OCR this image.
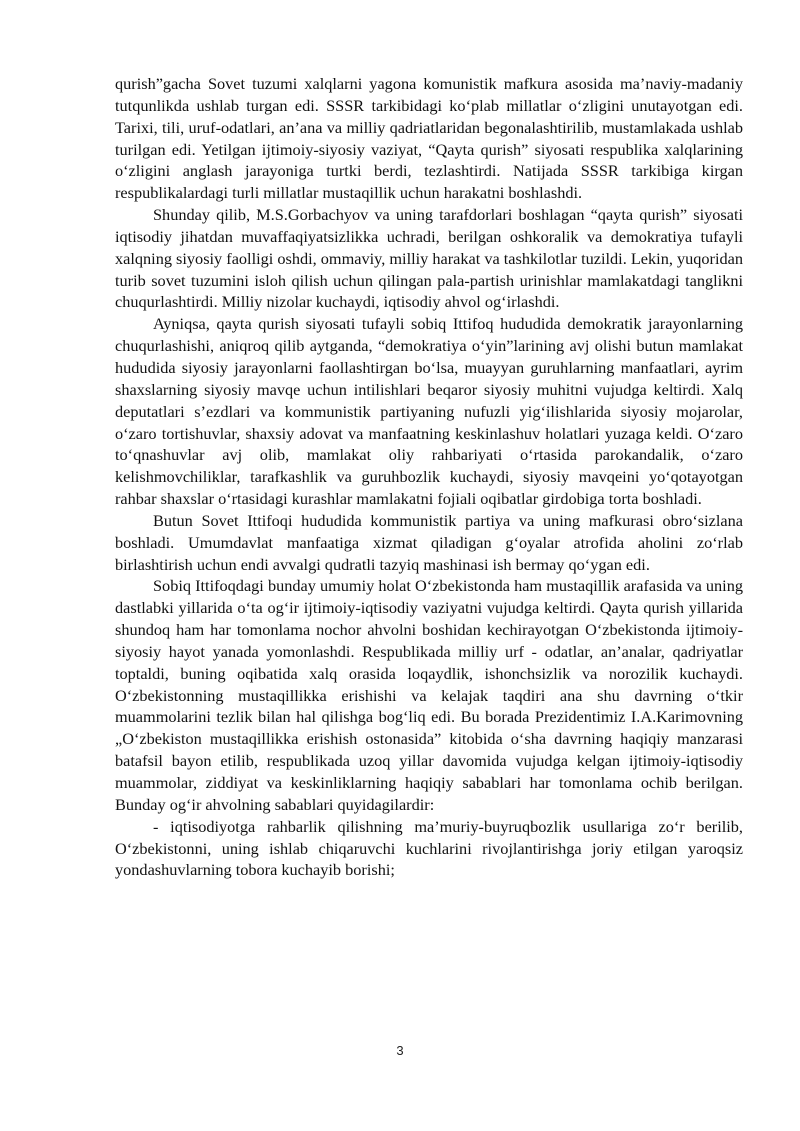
qurish”gacha Sovet tuzumi xalqlarni yagona komunistik mafkura asosida ma’naviy-madaniy tutqunlikda ushlab turgan edi. SSSR tarkibidagi ko‘plab millatlar o‘zligini unutayotgan edi. Tarixi, tili, uruf-odatlari, an’ana va milliy qadriatlaridan begonalashtirilib, mustamlakada ushlab turilgan edi. Yetilgan ijtimoiy-siyosiy vaziyat, “Qayta qurish” siyosati respublika xalqlarining o‘zligini anglash jarayoniga turtki berdi, tezlashtirdi. Natijada SSSR tarkibiga kirgan respublikalardagi turli millatlar mustaqillik uchun harakatni boshlashdi.

Shunday qilib, M.S.Gorbachyov va uning tarafdorlari boshlagan “qayta qurish” siyosati iqtisodiy jihatdan muvaffaqiyatsizlikka uchradi, berilgan oshkoralik va demokratiya tufayli xalqning siyosiy faolligi oshdi, ommaviy, milliy harakat va tashkilotlar tuzildi. Lekin, yuqoridan turib sovet tuzumini isloh qilish uchun qilingan pala-partish urinishlar mamlakatdagi tanglikni chuqurlashtirdi. Milliy nizolar kuchaydi, iqtisodiy ahvol og‘irlashdi.

Ayniqsa, qayta qurish siyosati tufayli sobiq Ittifoq hududida demokratik jarayonlarning chuqurlashishi, aniqroq qilib aytganda, “demokratiya o‘yin”larining avj olishi butun mamlakat hududida siyosiy jarayonlarni faollashtirgan bo‘lsa, muayyan guruhlarning manfaatlari, ayrim shaxslarning siyosiy mavqe uchun intilishlari beqaror siyosiy muhitni vujudga keltirdi. Xalq deputatlari s’ezdlari va kommunistik partiyaning nufuzli yig‘ilishlarida siyosiy mojarolar, o‘zaro tortishuvlar, shaxsiy adovat va manfaatning keskinlashuv holatlari yuzaga keldi. O‘zaro to‘qnashuvlar avj olib, mamlakat oliy rahbariyati o‘rtasida parokandalik, o‘zaro kelishmovchiliklar, tarafkashlik va guruhbozlik kuchaydi, siyosiy mavqeini yo‘qotayotgan rahbar shaxslar o‘rtasidagi kurashlar mamlakatni fojiali oqibatlar girdobiga torta boshladi.

Butun Sovet Ittifoqi hududida kommunistik partiya va uning mafkurasi obro‘sizlana boshladi. Umumdavlat manfaatiga xizmat qiladigan g‘oyalar atrofida aholini zo‘rlab birlashtirish uchun endi avvalgi qudratli tazyiq mashinasi ish bermay qo‘ygan edi.

Sobiq Ittifoqdagi bunday umumiy holat O‘zbekistonda ham mustaqillik arafasida va uning dastlabki yillarida o‘ta og‘ir ijtimoiy-iqtisodiy vaziyatni vujudga keltirdi. Qayta qurish yillarida shundoq ham har tomonlama nochor ahvolni boshidan kechirayotgan O‘zbekistonda ijtimoiy-siyosiy hayot yanada yomonlashdi. Respublikada milliy urf - odatlar, an’analar, qadriyatlar toptaldi, buning oqibatida xalq orasida loqaydlik, ishonchsizlik va norozilik kuchaydi. O‘zbekistonning mustaqillikka erishishi va kelajak taqdiri ana shu davrning o‘tkir muammolarini tezlik bilan hal qilishga bog‘liq edi. Bu borada Prezidentimiz I.A.Karimovning „O‘zbekiston mustaqillikka erishish ostonasida” kitobida o‘sha davrning haqiqiy manzarasi batafsil bayon etilib, respublikada uzoq yillar davomida vujudga kelgan ijtimoiy-iqtisodiy muammolar, ziddiyat va keskinliklarning haqiqiy sabablari har tomonlama ochib berilgan. Bunday og‘ir ahvolning sabablari quyidagilardir:

- iqtisodiyotga rahbarlik qilishning ma’muriy-buyruqbozlik usullariga zo‘r berilib, O‘zbekistonni, uning ishlab chiqaruvchi kuchlarini rivojlantirishga joriy etilgan yaroqsiz yondashuvlarning tobora kuchayib borishi;

3
